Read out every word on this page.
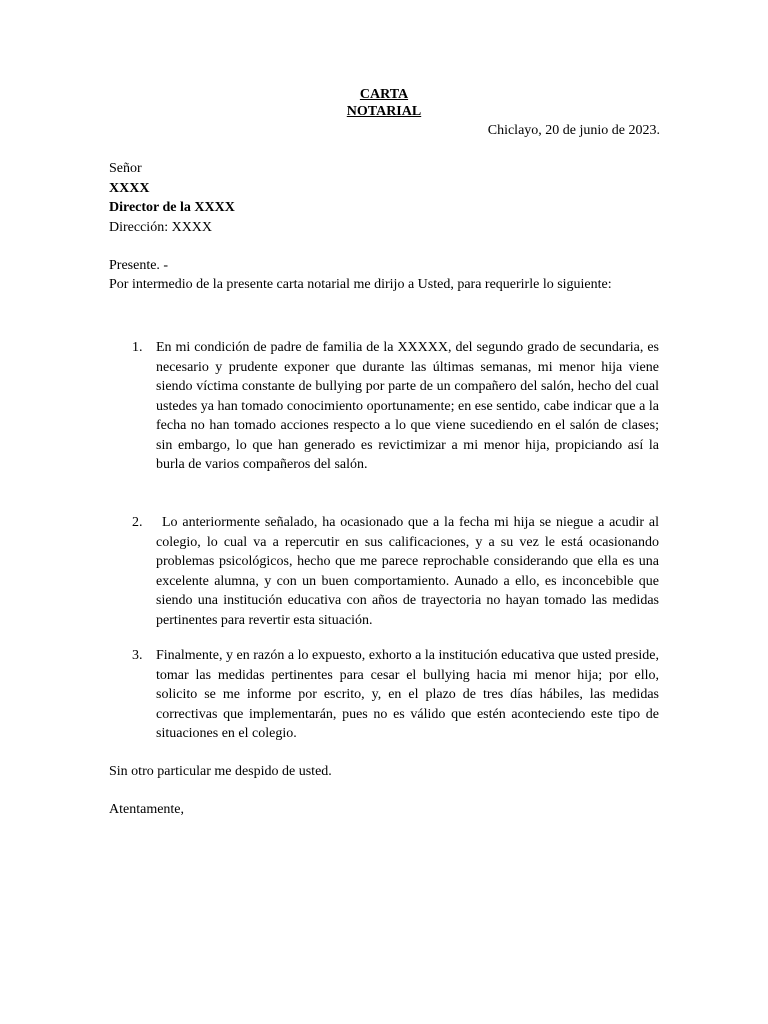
CARTA
NOTARIAL
Chiclayo, 20 de junio de 2023.
Señor
XXXX
Director de la XXXX
Dirección: XXXX
Presente. -
Por intermedio de la presente carta notarial me dirijo a Usted, para requerirle lo siguiente:
1. En mi condición de padre de familia de la XXXXX, del segundo grado de secundaria, es necesario y prudente exponer que durante las últimas semanas, mi menor hija viene siendo víctima constante de bullying por parte de un compañero del salón, hecho del cual ustedes ya han tomado conocimiento oportunamente; en ese sentido, cabe indicar que a la fecha no han tomado acciones respecto a lo que viene sucediendo en el salón de clases; sin embargo, lo que han generado es revictimizar a mi menor hija, propiciando así la burla de varios compañeros del salón.
2.	Lo anteriormente señalado, ha ocasionado que a la fecha mi hija se niegue a acudir al colegio, lo cual va a repercutir en sus calificaciones, y a su vez le está ocasionando problemas psicológicos, hecho que me parece reprochable considerando que ella es una excelente alumna, y con un buen comportamiento. Aunado a ello, es inconcebible que siendo una institución educativa con años de trayectoria no hayan tomado las medidas pertinentes para revertir esta situación.
3. Finalmente, y en razón a lo expuesto, exhorto a la institución educativa que usted preside, tomar las medidas pertinentes para cesar el bullying hacia mi menor hija; por ello, solicito se me informe por escrito, y, en el plazo de tres días hábiles, las medidas correctivas que implementarán, pues no es válido que estén aconteciendo este tipo de situaciones en el colegio.
Sin otro particular me despido de usted.
Atentamente,
